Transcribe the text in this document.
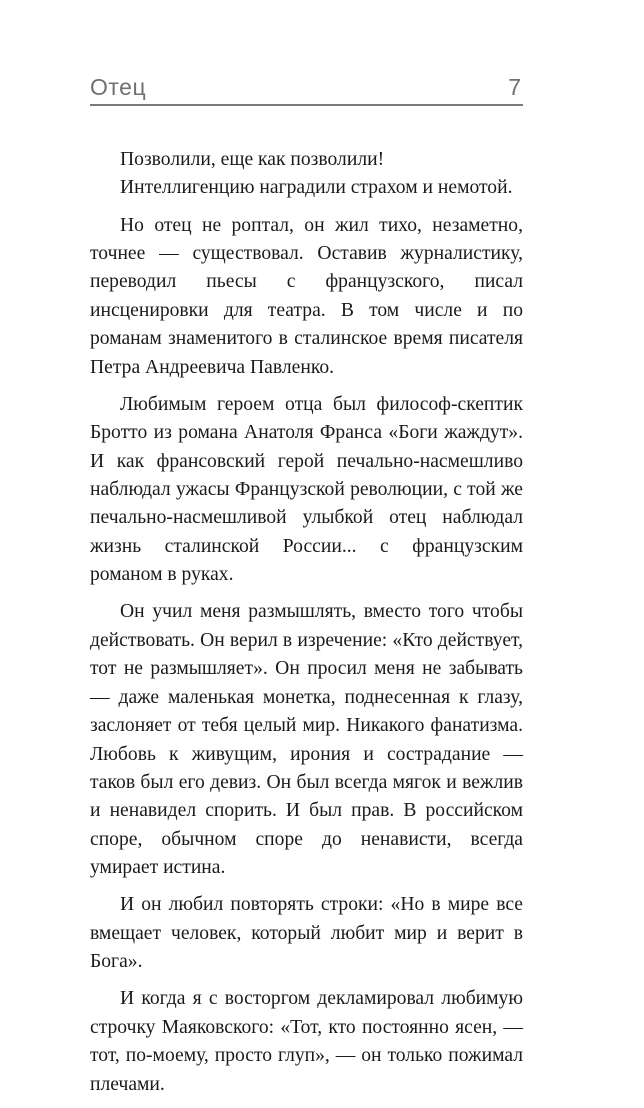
Отец	7

Позволили, еще как позволили!

Интеллигенцию наградили страхом и немотой.

Но отец не роптал, он жил тихо, незаметно, точнее — существовал. Оставив журналистику, переводил пьесы с французского, писал инсценировки для театра. В том числе и по романам знаменитого в сталинское время писателя Петра Андреевича Павленко.

Любимым героем отца был философ-скептик Бротто из романа Анатоля Франса «Боги жаждут». И как франсовский герой печально-насмешливо наблюдал ужасы Французской революции, с той же печально-насмешливой улыбкой отец наблюдал жизнь сталинской России... с французским романом в руках.

Он учил меня размышлять, вместо того чтобы действовать. Он верил в изречение: «Кто действует, тот не размышляет». Он просил меня не забывать — даже маленькая монетка, поднесенная к глазу, заслоняет от тебя целый мир. Никакого фанатизма. Любовь к живущим, ирония и сострадание — таков был его девиз. Он был всегда мягок и вежлив и ненавидел спорить. И был прав. В российском споре, обычном споре до ненависти, всегда умирает истина.

И он любил повторять строки: «Но в мире все вмещает человек, который любит мир и верит в Бога».

И когда я с восторгом декламировал любимую строчку Маяковского: «Тот, кто постоянно ясен, — тот, по-моему, просто глуп», — он только пожимал плечами.
